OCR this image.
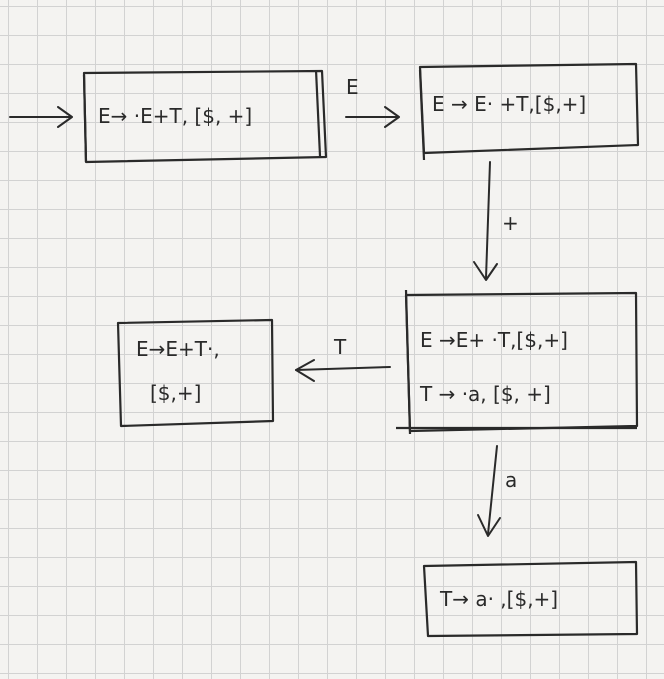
E→ ·E+T, [$, +]
E
E → E· +T,[$,+]
+
E →E+ ·T,[$,+]
T → ·a, [$, +]
T
E→E+T·,
[$,+]
a
T→ a· ,[$,+]
